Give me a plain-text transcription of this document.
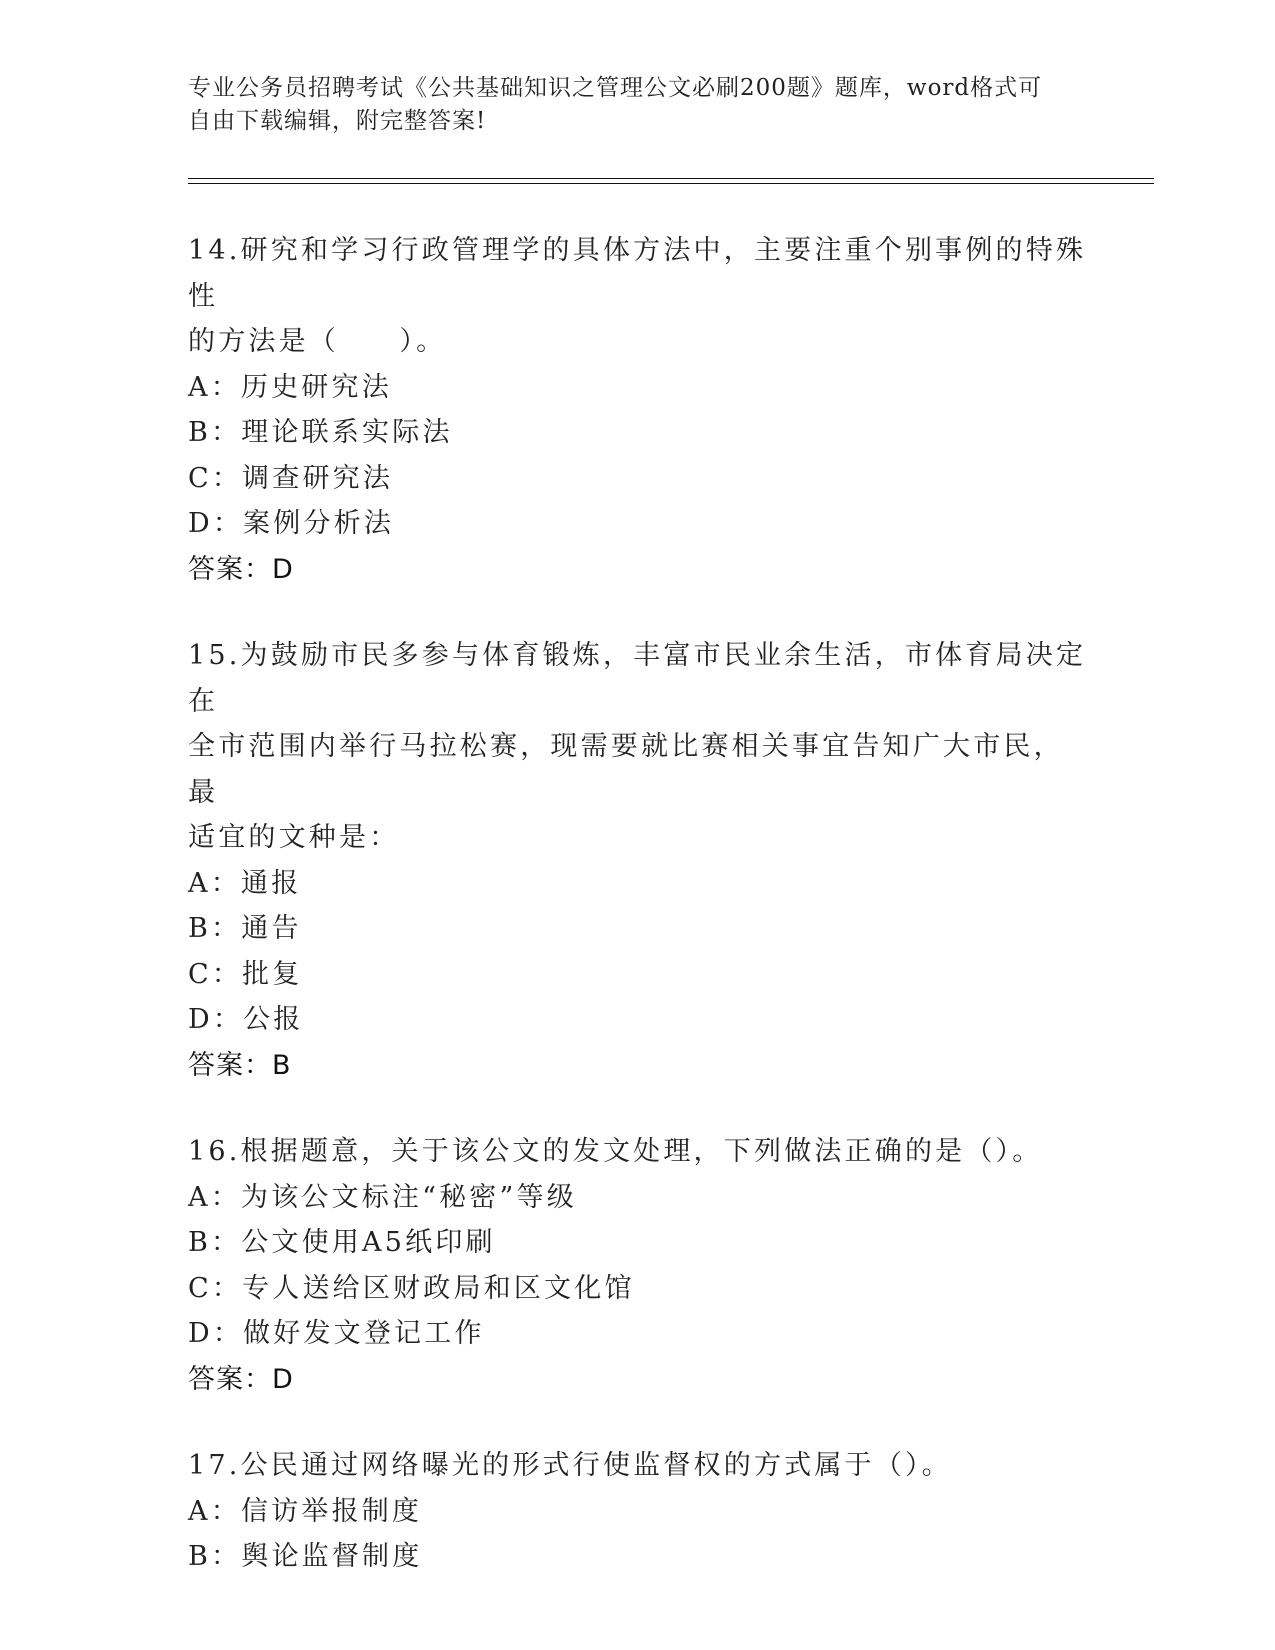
专业公务员招聘考试《公共基础知识之管理公文必刷200题》题库，word格式可
自由下载编辑，附完整答案!

14.研究和学习行政管理学的具体方法中，主要注重个别事例的特殊性

的方法是（　　）。

A：历史研究法

B：理论联系实际法

C：调查研究法

D：案例分析法

答案：D

15.为鼓励市民多参与体育锻炼，丰富市民业余生活，市体育局决定在

全市范围内举行马拉松赛，现需要就比赛相关事宜告知广大市民，最

适宜的文种是：

A：通报

B：通告

C：批复

D：公报

答案：B

16.根据题意，关于该公文的发文处理，下列做法正确的是（）。

A：为该公文标注“秘密”等级

B：公文使用A5纸印刷

C：专人送给区财政局和区文化馆

D：做好发文登记工作

答案：D

17.公民通过网络曝光的形式行使监督权的方式属于（）。

A：信访举报制度

B：舆论监督制度
